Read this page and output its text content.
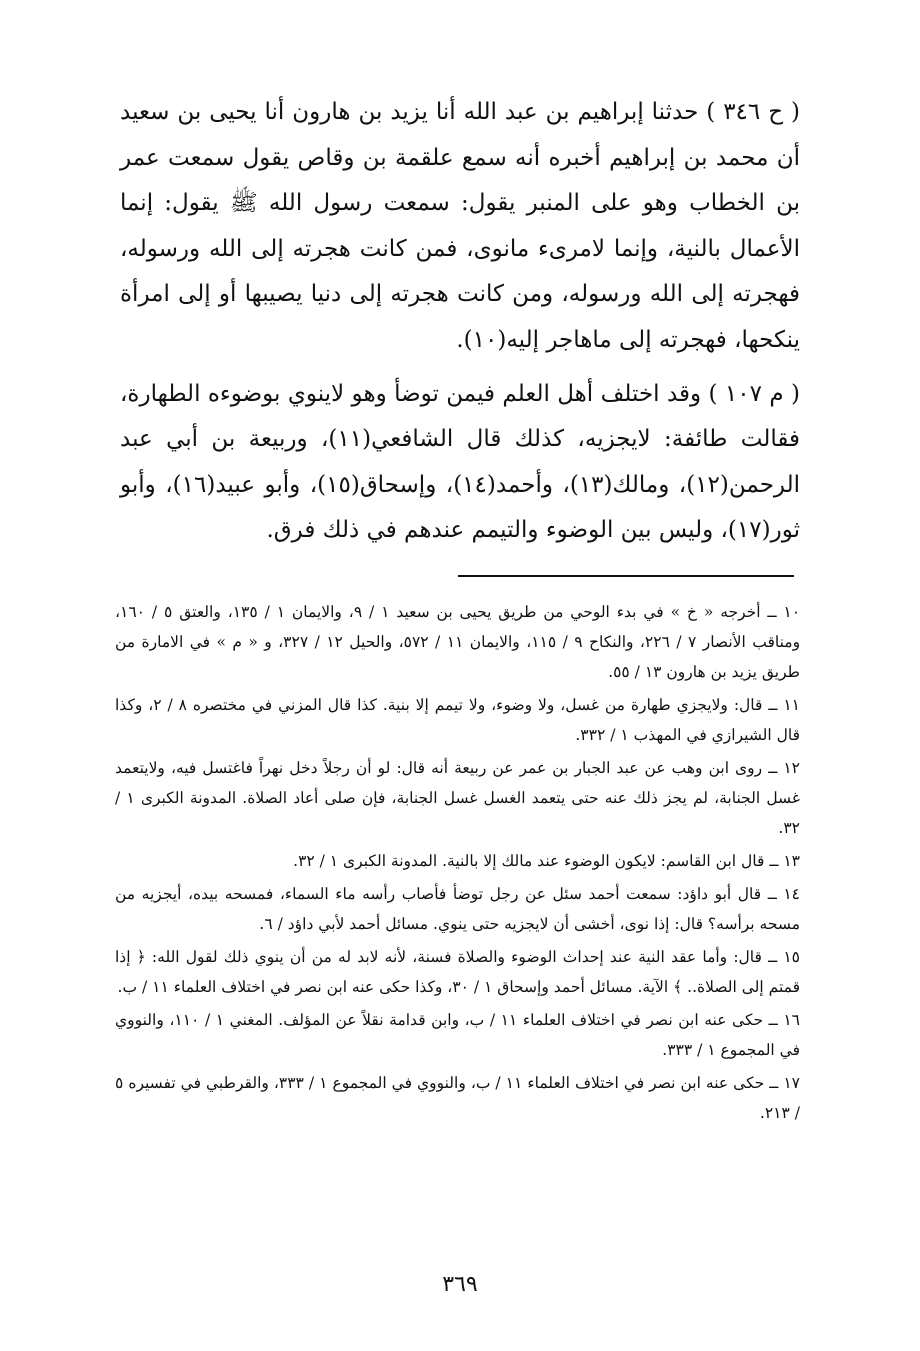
( ح ٣٤٦ ) حدثنا إبراهيم بن عبد الله أنا يزيد بن هارون أنا يحيى بن سعيد أن محمد بن إبراهيم أخبره أنه سمع علقمة بن وقاص يقول سمعت عمر بن الخطاب وهو على المنبر يقول: سمعت رسول الله ﷺ يقول: إنما الأعمال بالنية، وإنما لامرىء مانوى، فمن كانت هجرته إلى الله ورسوله، فهجرته إلى الله ورسوله، ومن كانت هجرته إلى دنيا يصيبها أو إلى امرأة ينكحها، فهجرته إلى ماهاجر إليه(١٠).

( م ١٠٧ ) وقد اختلف أهل العلم فيمن توضأ وهو لاينوي بوضوءه الطهارة، فقالت طائفة: لايجزيه، كذلك قال الشافعي(١١)، وربيعة بن أبي عبد الرحمن(١٢)، ومالك(١٣)، وأحمد(١٤)، وإسحاق(١٥)، وأبو عبيد(١٦)، وأبو ثور(١٧)، وليس بين الوضوء والتيمم عندهم في ذلك فرق.

١٠ ــ أخرجه « خ » في بدء الوحي من طريق يحيى بن سعيد ١ / ٩، والايمان ١ / ١٣٥، والعتق ٥ / ١٦٠، ومناقب الأنصار ٧ / ٢٢٦، والنكاح ٩ / ١١٥، والايمان ١١ / ٥٧٢، والحيل ١٢ / ٣٢٧، و « م » في الامارة من طريق يزيد بن هارون ١٣ / ٥٥.

١١ ــ قال: ولايجزي طهارة من غسل، ولا وضوء، ولا تيمم إلا بنية. كذا قال المزني في مختصره ٨ / ٢، وكذا قال الشيرازي في المهذب ١ / ٣٣٢.

١٢ ــ روى ابن وهب عن عبد الجبار بن عمر عن ربيعة أنه قال: لو أن رجلاً دخل نهراً فاغتسل فيه، ولايتعمد غسل الجنابة، لم يجز ذلك عنه حتى يتعمد الغسل غسل الجنابة، فإن صلى أعاد الصلاة. المدونة الكبرى ١ / ٣٢.

١٣ ــ قال ابن القاسم: لايكون الوضوء عند مالك إلا بالنية. المدونة الكبرى ١ / ٣٢.

١٤ ــ قال أبو داؤد: سمعت أحمد سئل عن رجل توضأ فأصاب رأسه ماء السماء، فمسحه بيده، أيجزيه من مسحه برأسه؟ قال: إذا نوى، أخشى أن لايجزيه حتى ينوي. مسائل أحمد لأبي داؤد / ٦.

١٥ ــ قال: وأما عقد النية عند إحداث الوضوء والصلاة فسنة، لأنه لابد له من أن ينوي ذلك لقول الله: ﴿ إذا قمتم إلى الصلاة.. ﴾ الآية. مسائل أحمد وإسحاق ١ / ٣٠، وكذا حكى عنه ابن نصر في اختلاف العلماء ١١ / ب.

١٦ ــ حكى عنه ابن نصر في اختلاف العلماء ١١ / ب، وابن قدامة نقلاً عن المؤلف. المغني ١ / ١١٠، والنووي في المجموع ١ / ٣٣٣.

١٧ ــ حكى عنه ابن نصر في اختلاف العلماء ١١ / ب، والنووي في المجموع ١ / ٣٣٣، والقرطبي في تفسيره ٥ / ٢١٣.

٣٦٩
